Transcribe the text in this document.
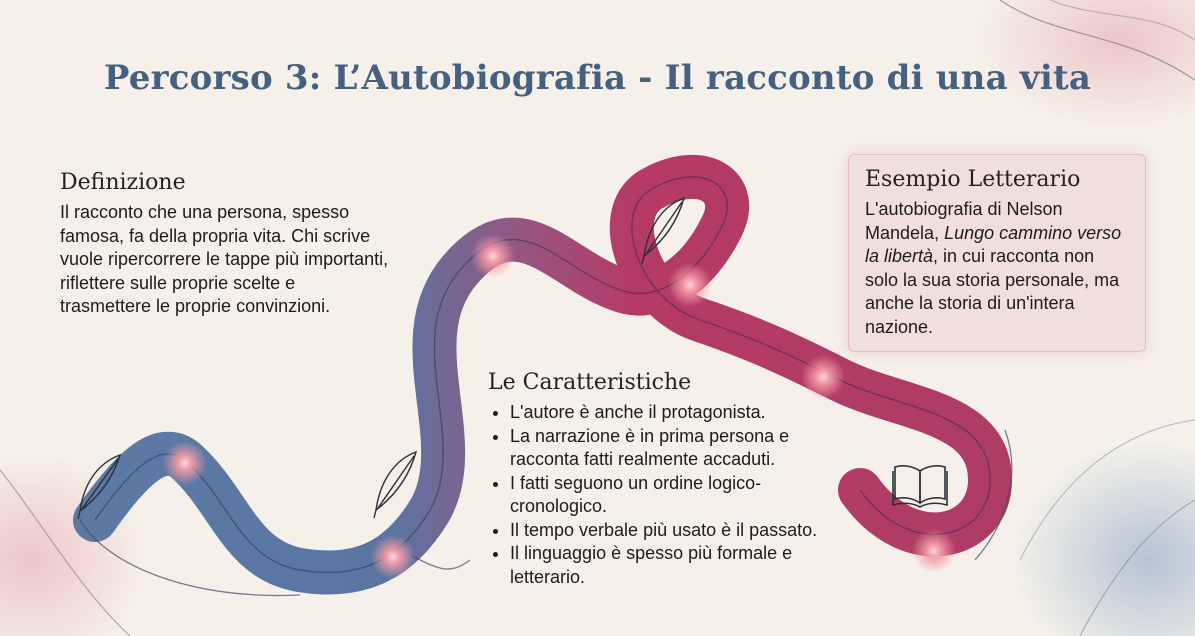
Percorso 3: L’Autobiografia - Il racconto di una vita
Definizione

Il racconto che una persona, spesso famosa, fa della propria vita. Chi scrive vuole ripercorrere le tappe più importanti, riflettere sulle proprie scelte e trasmettere le proprie convinzioni.

Le Caratteristiche
• L'autore è anche il protagonista.
• La narrazione è in prima persona e racconta fatti realmente accaduti.
• I fatti seguono un ordine logico-cronologico.
• Il tempo verbale più usato è il passato.
• Il linguaggio è spesso più formale e letterario.
Esempio Letterario

L'autobiografia di Nelson Mandela, Lungo cammino verso la libertà, in cui racconta non solo la sua storia personale, ma anche la storia di un'intera nazione.
